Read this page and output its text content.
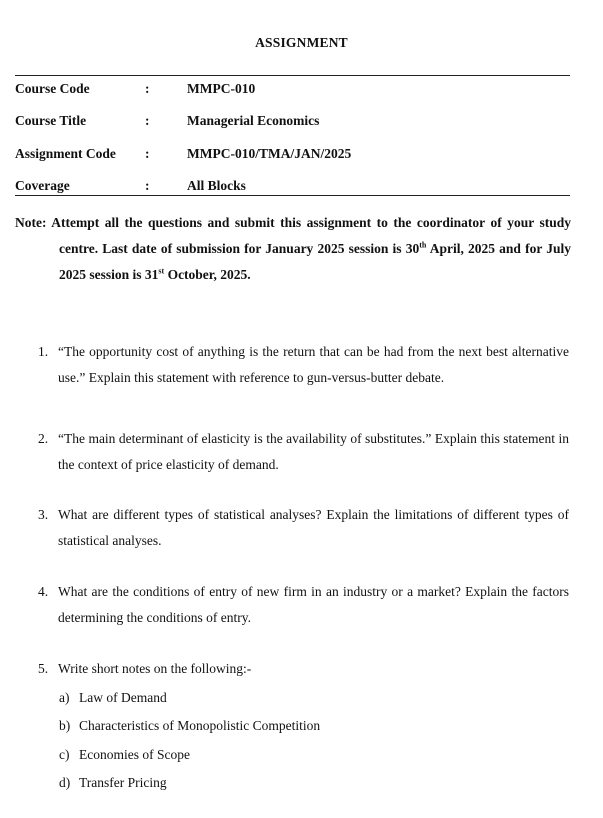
ASSIGNMENT
Course Code	:	MMPC-010
Course Title	:	Managerial Economics
Assignment Code :	MMPC-010/TMA/JAN/2025
Coverage	:	All Blocks
Note: Attempt all the questions and submit this assignment to the coordinator of your study centre. Last date of submission for January 2025 session is 30th April, 2025 and for July 2025 session is 31st October, 2025.
1. “The opportunity cost of anything is the return that can be had from the next best alternative use.” Explain this statement with reference to gun-versus-butter debate.
2. “The main determinant of elasticity is the availability of substitutes.” Explain this statement in the context of price elasticity of demand.
3. What are different types of statistical analyses? Explain the limitations of different types of statistical analyses.
4. What are the conditions of entry of new firm in an industry or a market? Explain the factors determining the conditions of entry.
5. Write short notes on the following:-
a) Law of Demand
b) Characteristics of Monopolistic Competition
c) Economies of Scope
d) Transfer Pricing
